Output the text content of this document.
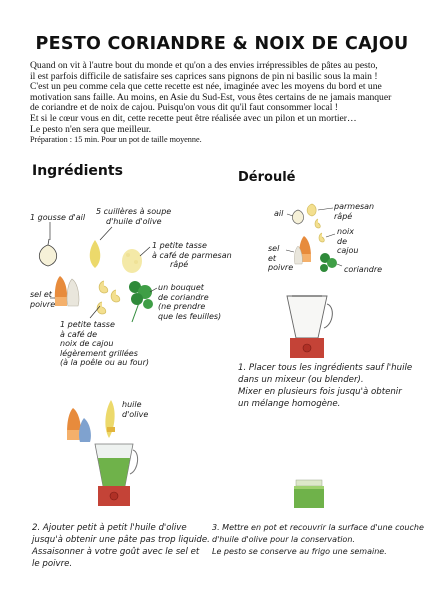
PESTO CORIANDRE & NOIX DE CAJOU

Quand on vit à l'autre bout du monde et qu'on a des envies irrépressibles de pâtes au pesto,

il est parfois difficile de satisfaire ses caprices sans pignons de pin ni basilic sous la main !

C'est un peu comme cela que cette recette est née, imaginée avec les moyens du bord et une

motivation sans faille. Au moins, en Asie du Sud-Est, vous êtes certains de ne jamais manquer

de coriandre et de noix de cajou. Puisqu'on vous dit qu'il faut consommer local !

Et si le cœur vous en dit, cette recette peut être réalisée avec un pilon et un mortier…

Le pesto n'en sera que meilleur.

Préparation : 15 min. Pour un pot de taille moyenne.

Ingrédients	Déroulé
1 gousse d'ail
5 cuillères à soupe
d'huile d'olive
1 petite tasse
à café de parmesan
râpé
un bouquet
de coriandre
(ne prendre
que les feuilles)
sel et
poivre
1 petite tasse
à café de
noix de cajou
légèrement grillées
(à la poêle ou au four)
ail
parmesan
râpé
noix
de
cajou
sel
et
poivre	coriandre
huile
d'olive
1. Placer tous les ingrédients sauf l'huile
dans un mixeur (ou blender).
Mixer en plusieurs fois jusqu'à obtenir
un mélange homogène.
2. Ajouter petit à petit l'huile d'olive
jusqu'à obtenir une pâte pas trop liquide.
Assaisonner à votre goût avec le sel et
le poivre.
3. Mettre en pot et recouvrir la surface d'une couche
d'huile d'olive pour la conservation.
Le pesto se conserve au frigo une semaine.
